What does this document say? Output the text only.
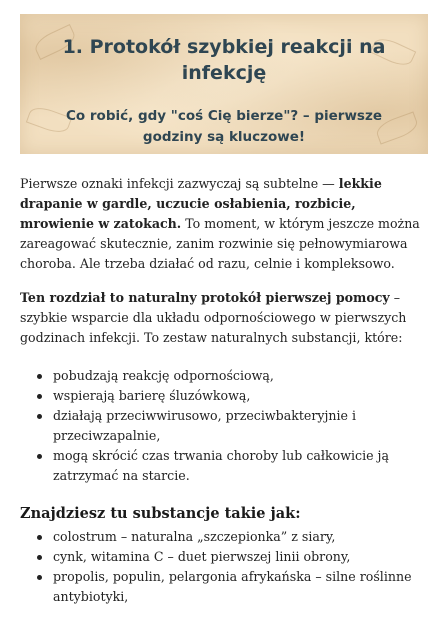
1. Protokół szybkiej reakcji na infekcję
Co robić, gdy "coś Cię bierze"? – pierwsze godziny są kluczowe!

Pierwsze oznaki infekcji zazwyczaj są subtelne — lekkie drapanie w gardle, uczucie osłabienia, rozbicie, mrowienie w zatokach. To moment, w którym jeszcze można zareagować skutecznie, zanim rozwinie się pełnowymiarowa choroba. Ale trzeba działać od razu, celnie i kompleksowo.

Ten rozdział to naturalny protokół pierwszej pomocy – szybkie wsparcie dla układu odpornościowego w pierwszych godzinach infekcji. To zestaw naturalnych substancji, które:

pobudzają reakcję odpornościową,
wspierają barierę śluzówkową,
działają przeciwwirusowo, przeciwbakteryjnie i przeciwzapalnie,
mogą skrócić czas trwania choroby lub całkowicie ją zatrzymać na starcie.
Znajdziesz tu substancje takie jak:
colostrum – naturalna „szczepionka” z siary,
cynk, witamina C – duet pierwszej linii obrony,
propolis, populin, pelargonia afrykańska – silne roślinne antybiotyki,
